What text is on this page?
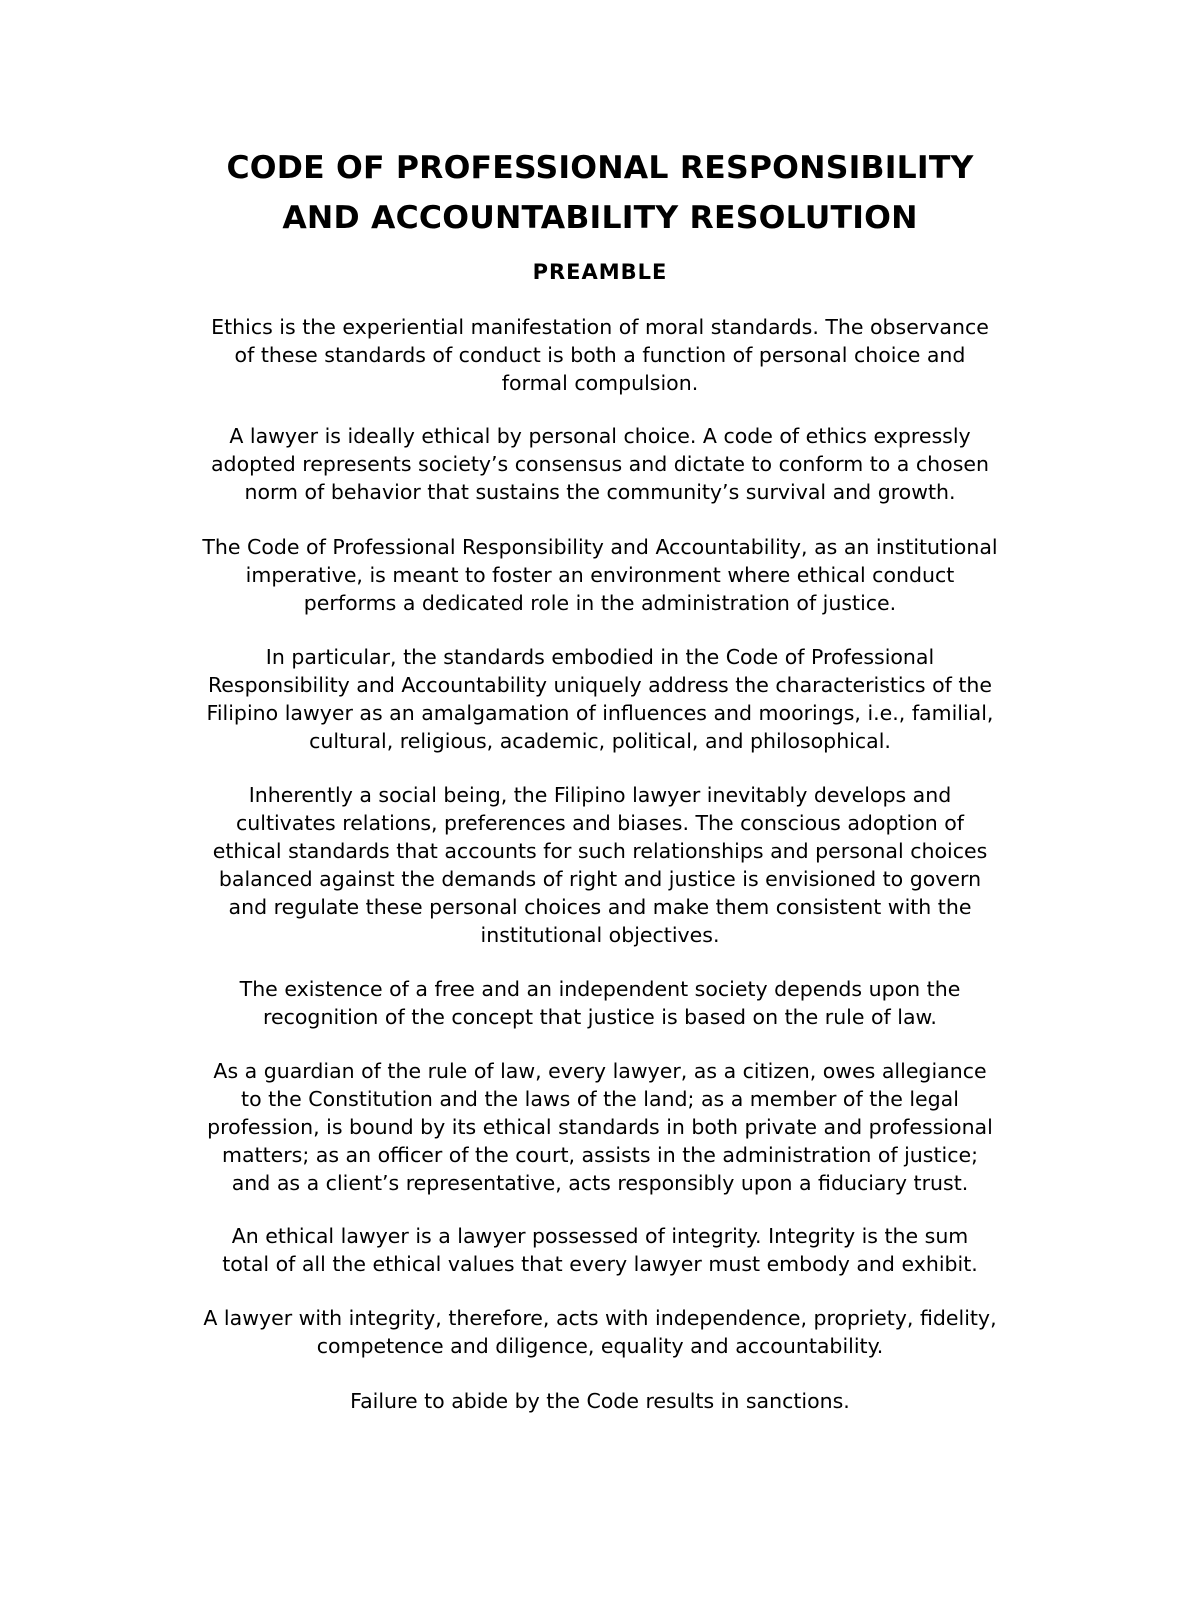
CODE OF PROFESSIONAL RESPONSIBILITY
AND ACCOUNTABILITY RESOLUTION
PREAMBLE

Ethics is the experiential manifestation of moral standards. The observance
of these standards of conduct is both a function of personal choice and
formal compulsion.

A lawyer is ideally ethical by personal choice. A code of ethics expressly
adopted represents society’s consensus and dictate to conform to a chosen
norm of behavior that sustains the community’s survival and growth.

The Code of Professional Responsibility and Accountability, as an institutional
imperative, is meant to foster an environment where ethical conduct
performs a dedicated role in the administration of justice.

In particular, the standards embodied in the Code of Professional
Responsibility and Accountability uniquely address the characteristics of the
Filipino lawyer as an amalgamation of influences and moorings, i.e., familial,
cultural, religious, academic, political, and philosophical.

Inherently a social being, the Filipino lawyer inevitably develops and
cultivates relations, preferences and biases. The conscious adoption of
ethical standards that accounts for such relationships and personal choices
balanced against the demands of right and justice is envisioned to govern
and regulate these personal choices and make them consistent with the
institutional objectives.

The existence of a free and an independent society depends upon the
recognition of the concept that justice is based on the rule of law.

As a guardian of the rule of law, every lawyer, as a citizen, owes allegiance
to the Constitution and the laws of the land; as a member of the legal
profession, is bound by its ethical standards in both private and professional
matters; as an officer of the court, assists in the administration of justice;
and as a client’s representative, acts responsibly upon a fiduciary trust.

An ethical lawyer is a lawyer possessed of integrity. Integrity is the sum
total of all the ethical values that every lawyer must embody and exhibit.

A lawyer with integrity, therefore, acts with independence, propriety, fidelity,
competence and diligence, equality and accountability.

Failure to abide by the Code results in sanctions.
